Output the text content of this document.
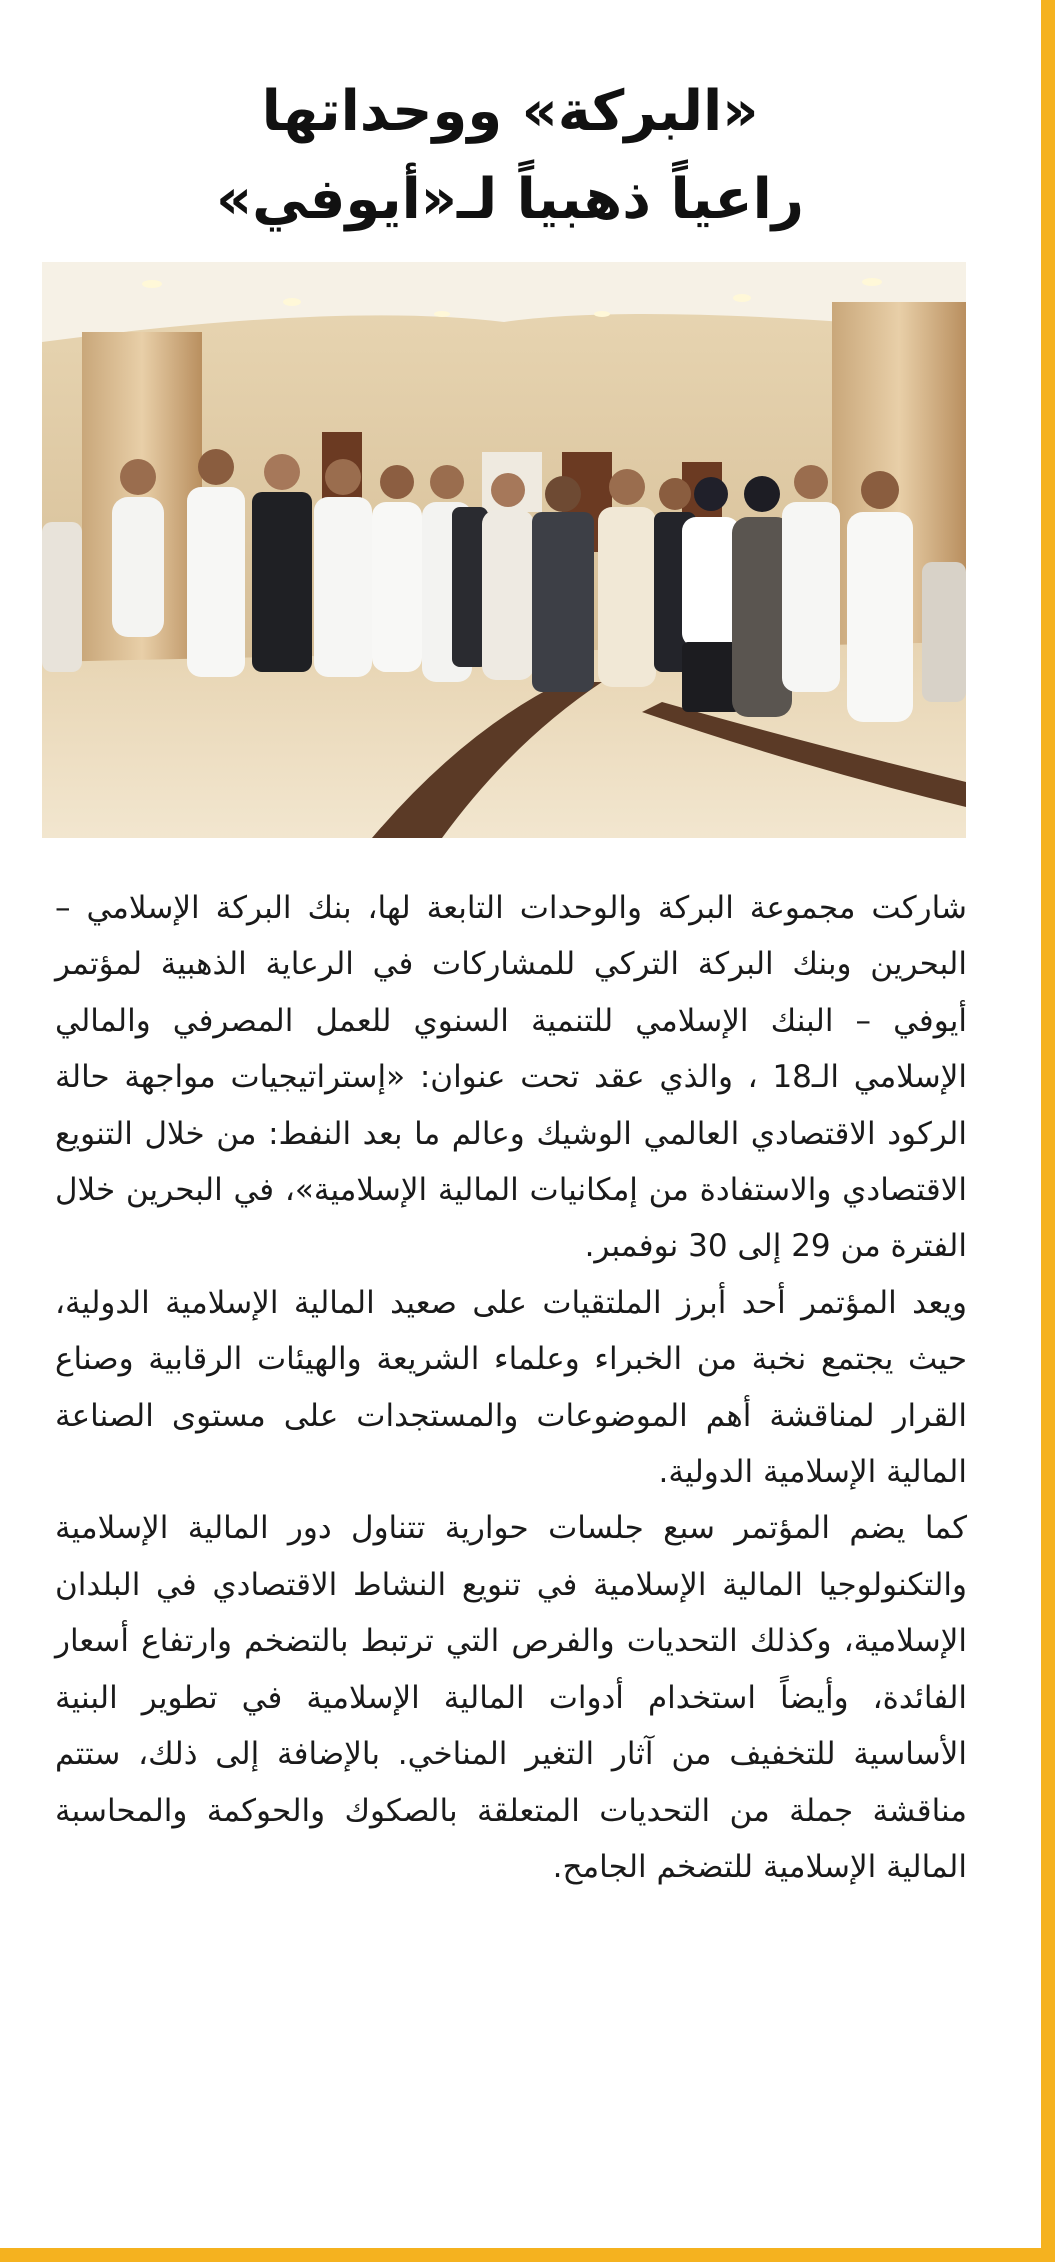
«البركة» ووحداتها
راعياً ذهبياً لـ«أيوفي»

شاركت مجموعة البركة والوحدات التابعة لها، بنك البركة الإسلامي – البحرين وبنك البركة التركي للمشاركات في الرعاية الذهبية لمؤتمر أيوفي – البنك الإسلامي للتنمية السنوي للعمل المصرفي والمالي الإسلامي الـ18 ، والذي عقد تحت عنوان: «إستراتيجيات مواجهة حالة الركود الاقتصادي العالمي الوشيك وعالم ما بعد النفط: من خلال التنويع الاقتصادي والاستفادة من إمكانيات المالية الإسلامية»، في البحرين خلال الفترة من 29 إلى 30 نوفمبر.

ويعد المؤتمر أحد أبرز الملتقيات على صعيد المالية الإسلامية الدولية، حيث يجتمع نخبة من الخبراء وعلماء الشريعة والهيئات الرقابية وصناع القرار لمناقشة أهم الموضوعات والمستجدات على مستوى الصناعة المالية الإسلامية الدولية.

كما يضم المؤتمر سبع جلسات حوارية تتناول دور المالية الإسلامية والتكنولوجيا المالية الإسلامية في تنويع النشاط الاقتصادي في البلدان الإسلامية، وكذلك التحديات والفرص التي ترتبط بالتضخم وارتفاع أسعار الفائدة، وأيضاً استخدام أدوات المالية الإسلامية في تطوير البنية الأساسية للتخفيف من آثار التغير المناخي. بالإضافة إلى ذلك، ستتم مناقشة جملة من التحديات المتعلقة بالصكوك والحوكمة والمحاسبة المالية الإسلامية للتضخم الجامح.
